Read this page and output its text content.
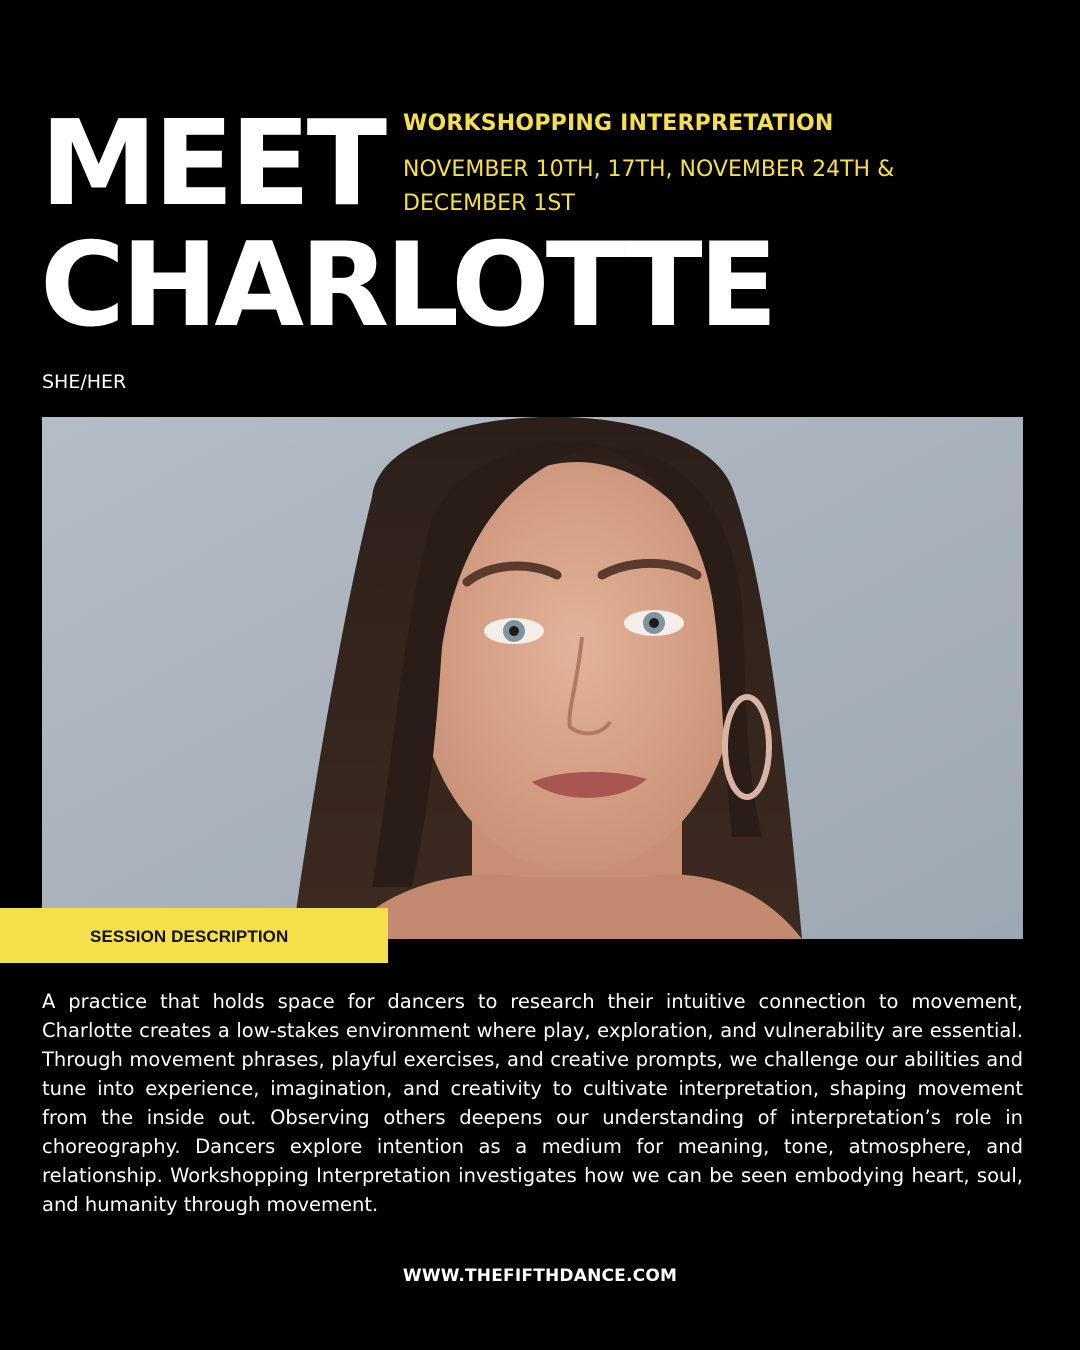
MEET
CHARLOTTE
WORKSHOPPING INTERPRETATION
NOVEMBER 10TH, 17TH, NOVEMBER 24TH & DECEMBER 1ST
SHE/HER
SESSION DESCRIPTION

A practice that holds space for dancers to research their intuitive connection to movement, Charlotte creates a low-stakes environment where play, exploration, and vulnerability are essential. Through movement phrases, playful exercises, and creative prompts, we challenge our abilities and tune into experience, imagination, and creativity to cultivate interpretation, shaping movement from the inside out. Observing others deepens our understanding of interpretation’s role in choreography. Dancers explore intention as a medium for meaning, tone, atmosphere, and relationship. Workshopping Interpretation investigates how we can be seen embodying heart, soul, and humanity through movement.

WWW.THEFIFTHDANCE.COM
